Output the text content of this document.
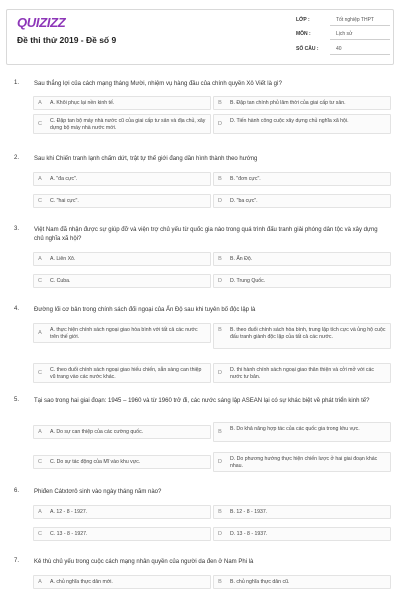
QUIZIZZ
Đề thi thử 2019 - Đề số 9
LỚP :	Tốt nghiệp THPT
MÔN :	Lịch sử
SỐ CÂU :	40
1. Sau thắng lợi của cách mạng tháng Mười, nhiệm vụ hàng đầu của chính quyền Xô Viết là gì?
A	A. Khôi phục lại nền kinh tế.	B	B. Đập tan chính phủ lâm thời của giai cấp tư sản.
C	C. Đập tan bộ máy nhà nước cũ của giai cấp tư sản và địa chủ, xây dựng bộ máy nhà nước mới.
D	D. Tiến hành công cuộc xây dựng chủ nghĩa xã hội.
2. Sau khi Chiến tranh lạnh chấm dứt, trật tự thế giới đang dần hình thành theo hướng
A	A. "đa cực".	B	B. "đơn cực".
C	C. "hai cực".	D	D. "ba cực".
3. Việt Nam đã nhận được sự giúp đỡ và viện trợ chủ yếu từ quốc gia nào trong quá trình đấu tranh giải phóng dân tộc và xây dựng chủ nghĩa xã hội?
A	A. Liên Xô.	B	B. Ấn Độ.
C	C. Cuba.	D	D. Trung Quốc.
4. Đường lối cơ bản trong chính sách đối ngoại của Ấn Độ sau khi tuyên bố độc lập là
A	A. thực hiện chính sách ngoại giao hòa bình với tất cả các nước trên thế giới.
B	B. theo đuổi chính sách hòa bình, trung lập tích cực và ủng hộ cuộc đấu tranh giành độc lập của tất cả các nước.
C	C. theo đuổi chính sách ngoại giao hiếu chiến, sẵn sàng can thiệp vũ trang vào các nước khác.
D	D. thi hành chính sách ngoại giao thân thiện và cởi mở với các nước tư bản.
5. Tại sao trong hai giai đoạn: 1945 – 1960 và từ 1960 trở đi, các nước sáng lập ASEAN lại có sự khác biệt về phát triển kinh tế?
A	A. Do sự can thiệp của các cường quốc.	B	B. Do khả năng hợp tác của các quốc gia trong khu vực.
C	C. Do sự tác động của Mĩ vào khu vực.	D	D. Do phương hướng thực hiện chiến lược ở hai giai đoạn khác nhau.
6. Phiđen Cátxtơrô sinh vào ngày tháng năm nào?
A	A. 12 - 8 - 1927.	B	B. 12 - 8 - 1937.
C	C. 13 - 8 - 1927.	D	D. 13 - 8 - 1937.
7. Kẻ thù chủ yếu trong cuộc cách mạng nhân quyền của người da đen ở Nam Phi là
A	A. chủ nghĩa thực dân mới.	B	B. chủ nghĩa thực dân cũ.
